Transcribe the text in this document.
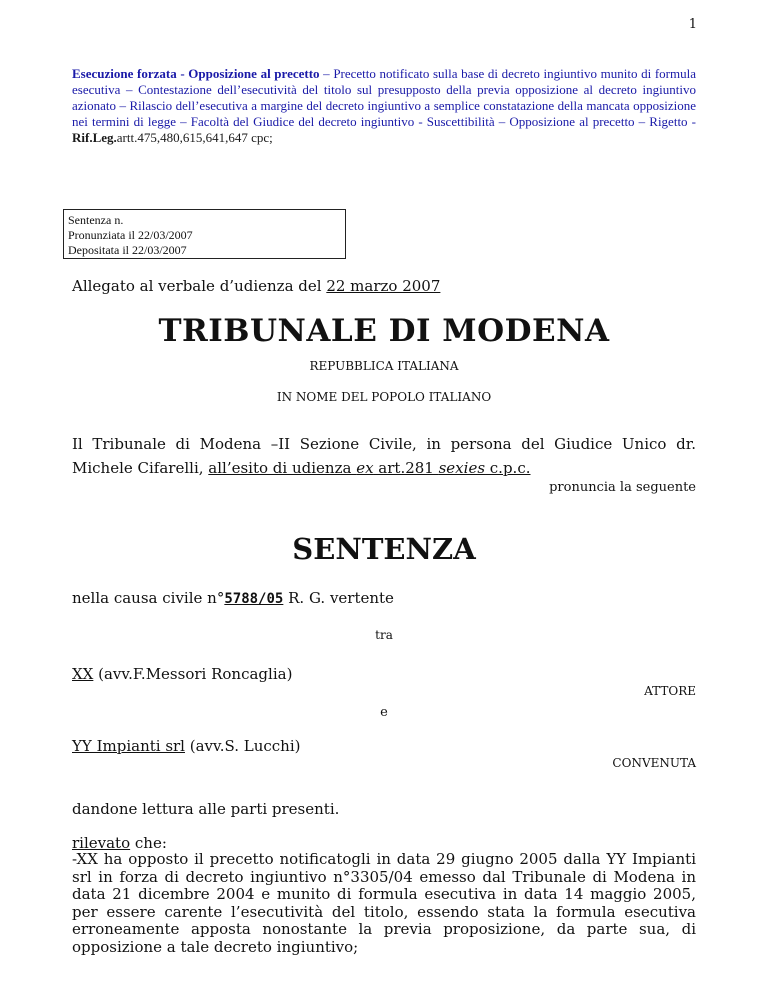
1

Esecuzione forzata - Opposizione al precetto – Precetto notificato sulla base di decreto ingiuntivo munito di formula esecutiva – Contestazione dell’esecutività del titolo sul presupposto della previa opposizione al decreto ingiuntivo azionato – Rilascio dell’esecutiva a margine del decreto ingiuntivo a semplice constatazione della mancata opposizione nei termini di legge – Facoltà del Giudice del decreto ingiuntivo - Suscettibilità – Opposizione al precetto – Rigetto - Rif.Leg.artt.475,480,615,641,647 cpc;

Sentenza n.
Pronunziata il 22/03/2007
Depositata il 22/03/2007
Allegato al verbale d’udienza del 22 marzo 2007
TRIBUNALE DI MODENA
REPUBBLICA ITALIANA
IN NOME DEL POPOLO ITALIANO

Il Tribunale di Modena –II Sezione Civile, in persona del Giudice Unico dr. Michele Cifarelli, all’esito di udienza ex art.281 sexies c.p.c.

pronuncia la seguente
SENTENZA
nella causa civile n°5788/05 R. G. vertente
tra
XX (avv.F.Messori Roncaglia)
ATTORE
e
YY Impianti srl (avv.S. Lucchi)
CONVENUTA
dandone lettura alle parti presenti.
rilevato che:

-XX ha opposto il precetto notificatogli in data 29 giugno 2005 dalla YY Impianti srl in forza di decreto ingiuntivo n°3305/04 emesso dal Tribunale di Modena in data 21 dicembre 2004 e munito di formula esecutiva in data 14 maggio 2005, per essere carente l’esecutività del titolo, essendo stata la formula esecutiva erroneamente apposta nonostante la previa proposizione, da parte sua, di opposizione a tale decreto ingiuntivo;
